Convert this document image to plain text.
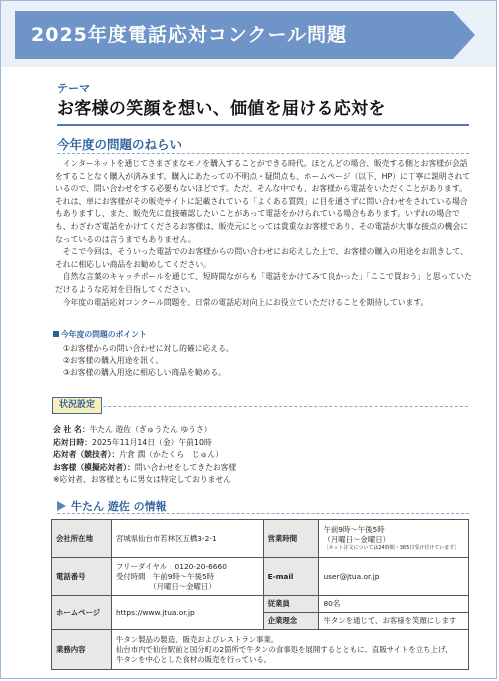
2025年度電話応対コンクール問題
テーマ
お客様の笑顔を想い、価値を届ける応対を
今年度の問題のねらい

インターネットを通じてさまざまなモノを購入することができる時代。ほとんどの場合、販売する側とお客様が会話をすることなく購入が済みます。購入にあたっての不明点・疑問点も、ホームページ（以下、HP）に丁寧に説明されているので、問い合わせをする必要もないほどです。ただ、そんな中でも、お客様から電話をいただくことがあります。それは、単にお客様がその販売サイトに記載されている「よくある質問」に目を通さずに問い合わせをされている場合もありますし、また、販売先に直接確認したいことがあって電話をかけられている場合もあります。いずれの場合でも、わざわざ電話をかけてくださるお客様は、販売元にとっては貴重なお客様であり、その電話が大事な接点の機会になっているのは言うまでもありません。

そこで今回は、そういった電話でのお客様からの問い合わせにお応えした上で、お客様の購入の用途をお訊きして、それに相応しい商品をお勧めしてください。

自然な言葉のキャッチボールを通じて、短時間ながらも「電話をかけてみて良かった」「ここで買おう」と思っていただけるような応対を目指してください。

今年度の電話応対コンクール問題を、日常の電話応対向上にお役立ていただけることを期待しています。

今年度の問題のポイント
①お客様からの問い合わせに対し的確に応える。
②お客様の購入用途を訊く。
③お客様の購入用途に相応しい商品を勧める。
状況設定
会 社 名：牛たん 遊佐（ぎゅうたん ゆうさ）
応対日時：2025年11月14日（金）午前10時
応対者（競技者）：片倉 潤（かたくら　じゅん）
お客様（模擬応対者）：問い合わせをしてきたお客様
※応対者、お客様ともに男女は特定しておりません
牛たん 遊佐 の情報
会社所在地	宮城県仙台市若林区五橋3-2-1	営業時間	午前9時〜午後5時
（月曜日〜金曜日）
［ネット注文については24時間・365日受け付けています］

電話番号	フリーダイヤル　0120-20-6660
受付時間　午前9時〜午後5時
　　　　　（月曜日〜金曜日）	E-mail	user@jtua.or.jp
ホームページ	https://www.jtua.or.jp	従業員	80名
		企業理念	牛タンを通じて、お客様を笑顔にします
業務内容	牛タン製品の製造、販売およびレストラン事業。
仙台市内で仙台駅前と国分町の2箇所で牛タンの食事処を展開するとともに、直販サイトを立ち上げ、
牛タンを中心とした食材の販売を行っている。		
